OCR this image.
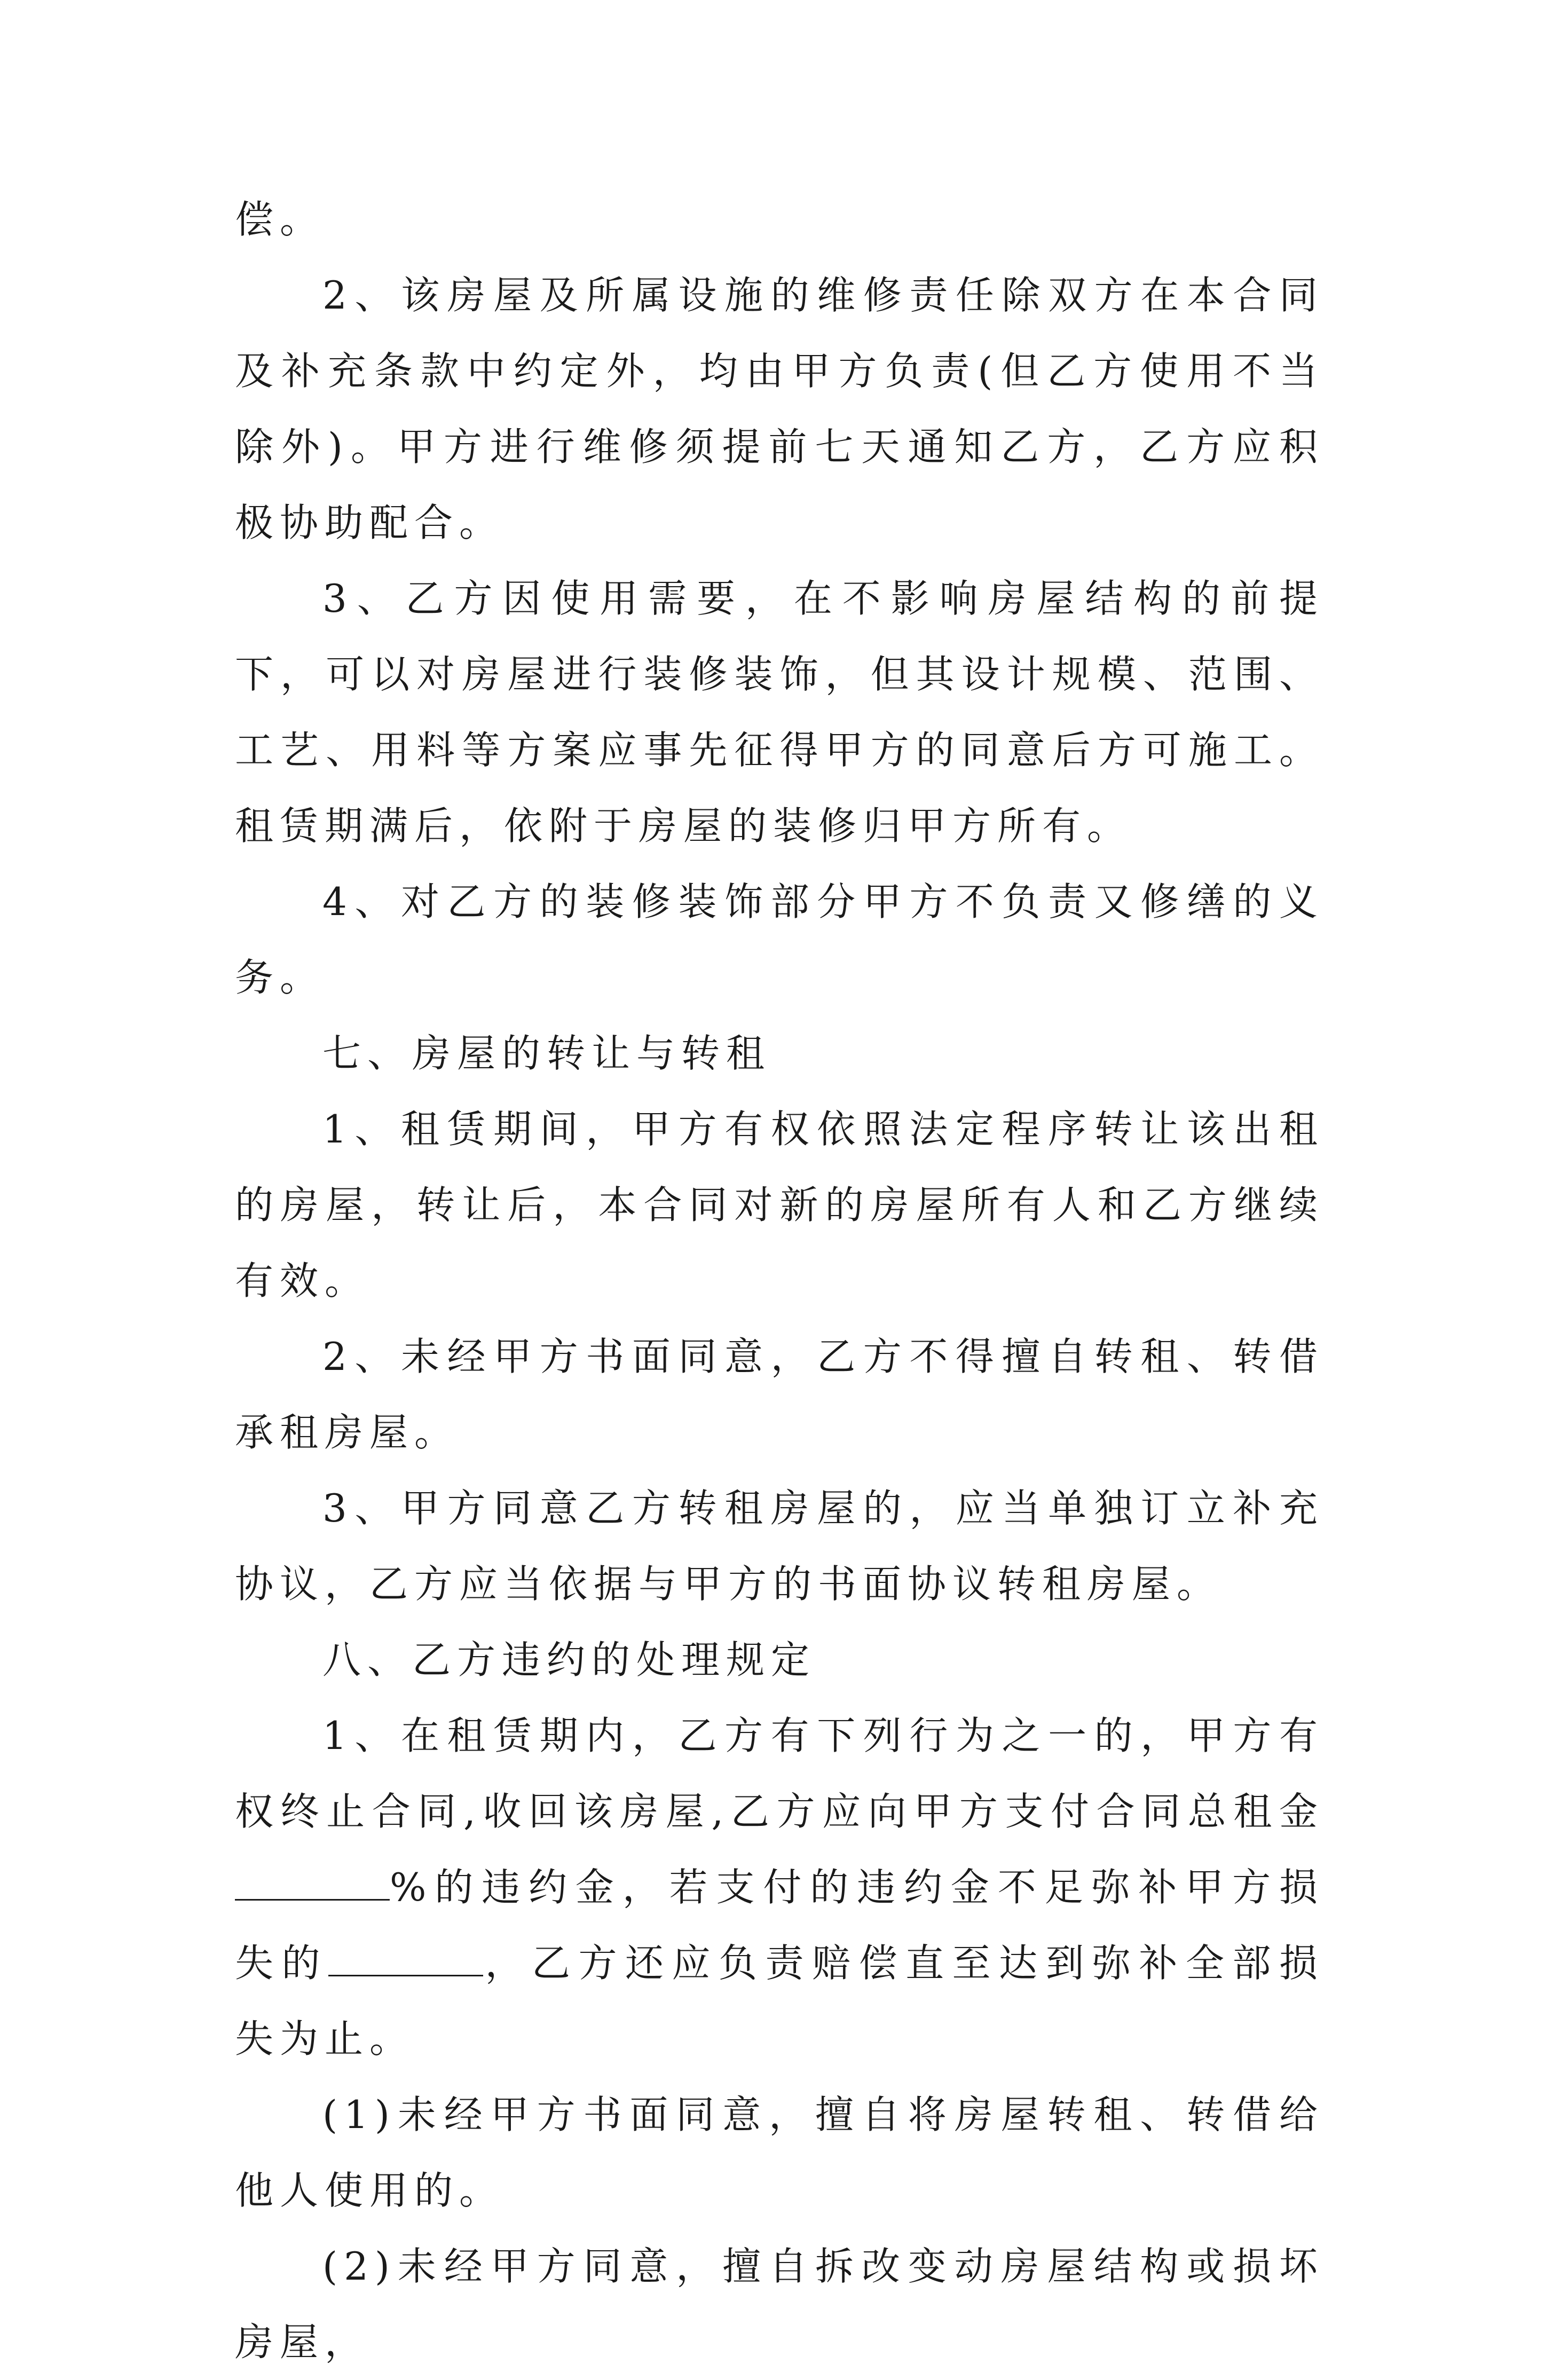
偿。

2、该房屋及所属设施的维修责任除双方在本合同及补充条款中约定外，均由甲方负责(但乙方使用不当除外)。甲方进行维修须提前七天通知乙方，乙方应积极协助配合。

3、乙方因使用需要，在不影响房屋结构的前提下，可以对房屋进行装修装饰，但其设计规模、范围、工艺、用料等方案应事先征得甲方的同意后方可施工。租赁期满后，依附于房屋的装修归甲方所有。

4、对乙方的装修装饰部分甲方不负责又修缮的义务。

七、房屋的转让与转租

1、租赁期间，甲方有权依照法定程序转让该出租的房屋，转让后，本合同对新的房屋所有人和乙方继续有效。

2、未经甲方书面同意，乙方不得擅自转租、转借承租房屋。

3、甲方同意乙方转租房屋的，应当单独订立补充协议，乙方应当依据与甲方的书面协议转租房屋。

八、乙方违约的处理规定

1、在租赁期内，乙方有下列行为之一的，甲方有权终止合同,收回该房屋,乙方应向甲方支付合同总租金%的违约金，若支付的违约金不足弥补甲方损失的	，乙方还应负责赔偿直至达到弥补全部损失为止。

(1)未经甲方书面同意，擅自将房屋转租、转借给他人使用的。

(2)未经甲方同意，擅自拆改变动房屋结构或损坏房屋，
